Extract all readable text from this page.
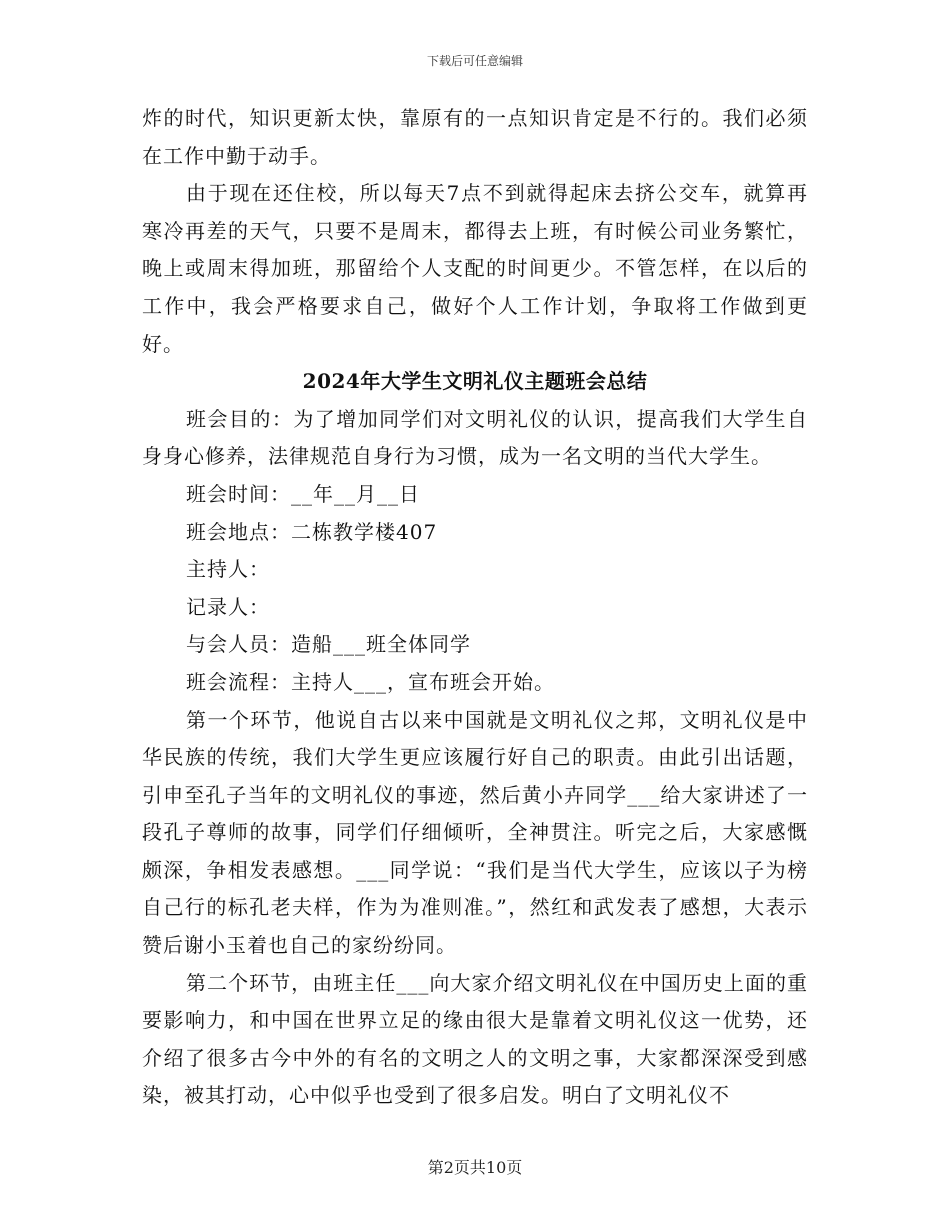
下载后可任意编辑

炸的时代，知识更新太快，靠原有的一点知识肯定是不行的。我们必须在工作中勤于动手。

由于现在还住校，所以每天7点不到就得起床去挤公交车，就算再寒冷再差的天气，只要不是周末，都得去上班，有时候公司业务繁忙，晚上或周末得加班，那留给个人支配的时间更少。不管怎样，在以后的工作中，我会严格要求自己，做好个人工作计划，争取将工作做到更好。

2024年大学生文明礼仪主题班会总结

班会目的：为了增加同学们对文明礼仪的认识，提高我们大学生自身身心修养，法律规范自身行为习惯，成为一名文明的当代大学生。

班会时间：__年__月__日

班会地点：二栋教学楼407

主持人：

记录人：

与会人员：造船___班全体同学

班会流程：主持人___，宣布班会开始。

第一个环节，他说自古以来中国就是文明礼仪之邦，文明礼仪是中华民族的传统，我们大学生更应该履行好自己的职责。由此引出话题，引申至孔子当年的文明礼仪的事迹，然后黄小卉同学___给大家讲述了一段孔子尊师的故事，同学们仔细倾听，全神贯注。听完之后，大家感慨颇深，争相发表感想。___同学说：“我们是当代大学生，应该以子为榜自己行的标孔老夫样，作为为准则准。”，然红和武发表了感想，大表示赞后谢小玉着也自己的家纷纷同。

第二个环节，由班主任___向大家介绍文明礼仪在中国历史上面的重要影响力，和中国在世界立足的缘由很大是靠着文明礼仪这一优势，还介绍了很多古今中外的有名的文明之人的文明之事，大家都深深受到感染，被其打动，心中似乎也受到了很多启发。明白了文明礼仪不

第2页共10页
